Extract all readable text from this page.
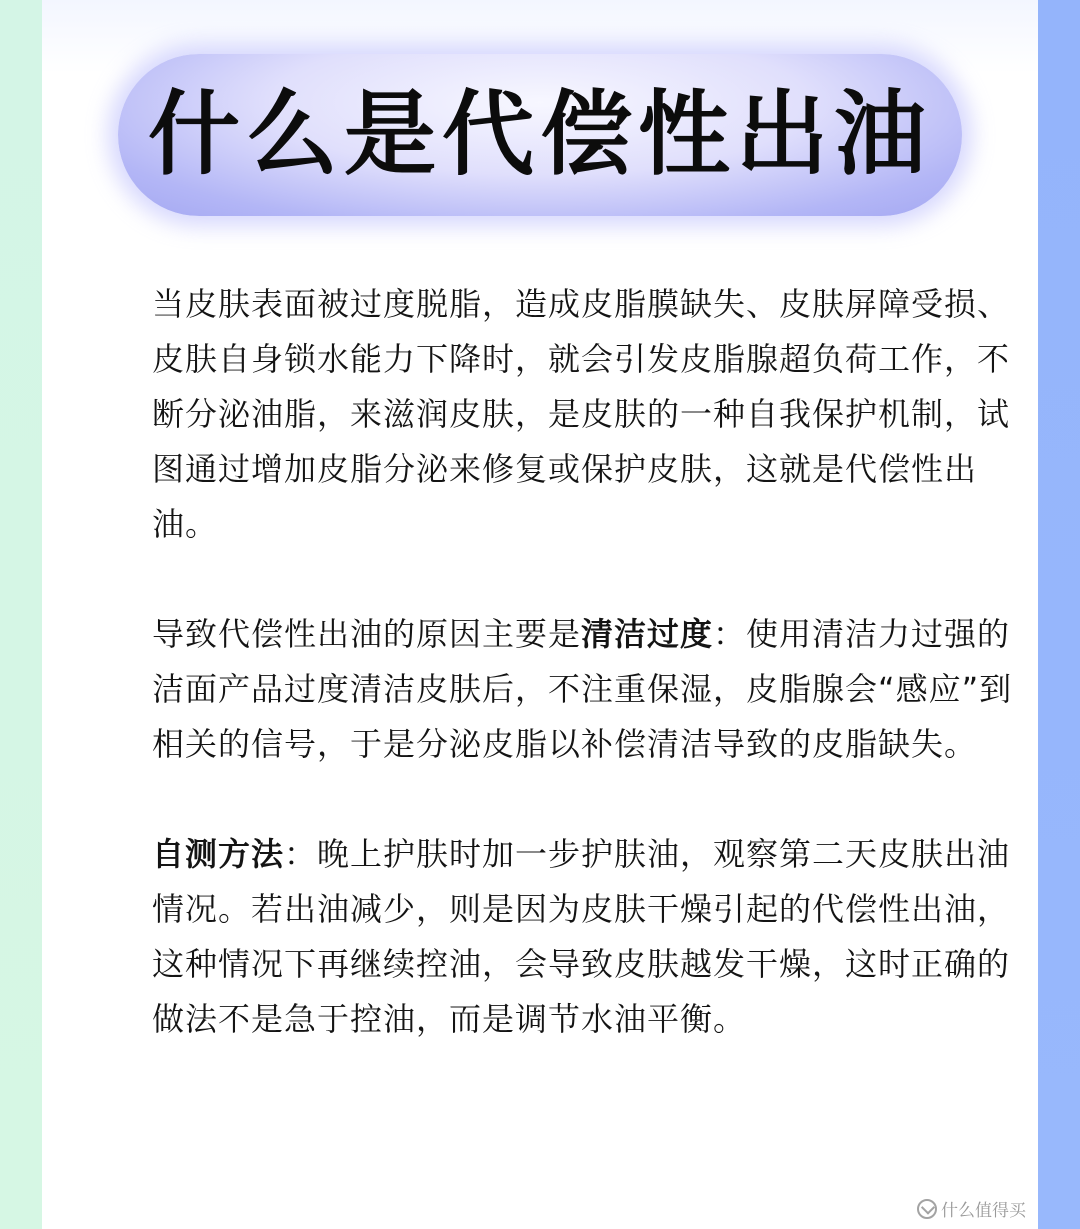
什么是代偿性出油

当皮肤表面被过度脱脂，造成皮脂膜缺失、皮肤屏障受损、皮肤自身锁水能力下降时，就会引发皮脂腺超负荷工作，不断分泌油脂，来滋润皮肤，是皮肤的一种自我保护机制，试图通过增加皮脂分泌来修复或保护皮肤，这就是代偿性出油。

导致代偿性出油的原因主要是清洁过度：使用清洁力过强的洁面产品过度清洁皮肤后，不注重保湿，皮脂腺会“感应”到相关的信号，于是分泌皮脂以补偿清洁导致的皮脂缺失。

自测方法：晚上护肤时加一步护肤油，观察第二天皮肤出油情况。若出油减少，则是因为皮肤干燥引起的代偿性出油，这种情况下再继续控油，会导致皮肤越发干燥，这时正确的做法不是急于控油，而是调节水油平衡。

什么值得买
